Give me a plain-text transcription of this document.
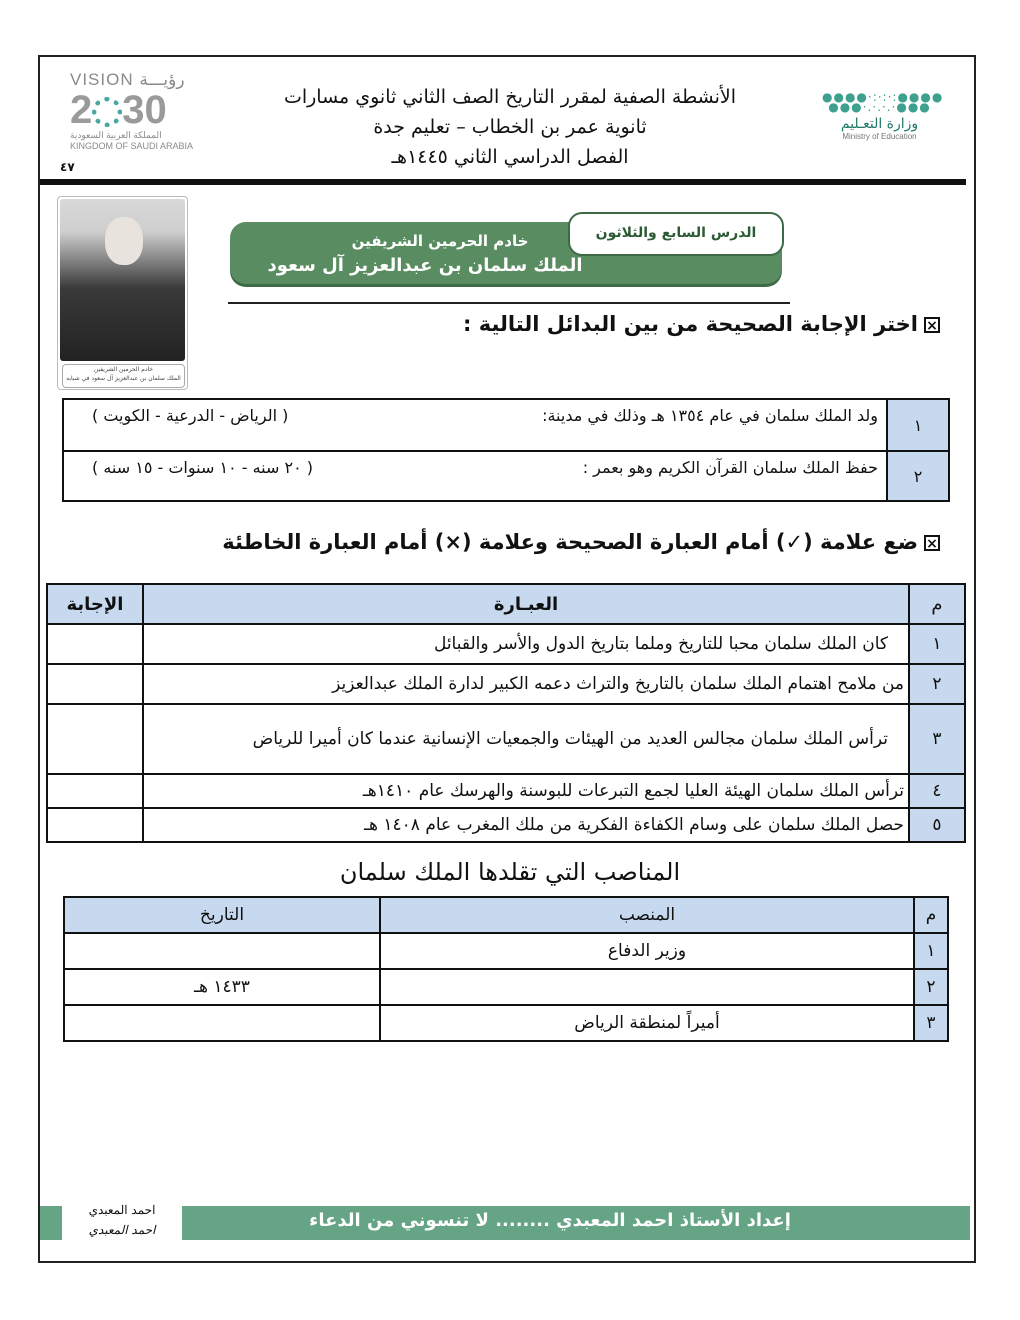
VISION رؤيـــة
2 30
المملكة العربية السعودية
KINGDOM OF SAUDI ARABIA
٤٧
الأنشطة الصفية لمقرر التاريخ الصف الثاني ثانوي مسارات
ثانوية عمر بن الخطاب – تعليم جدة
الفصل الدراسي الثاني ١٤٤٥هـ
●●●●·:·:·:●●●●
●●●·.·.·.·●●●
وزارة التعـليم
Ministry of Education
خادم الحرمين الشريفين
الملك سلمان بن عبدالعزيز آل سعود في شبابه
خادم الحرمين الشريفين
الملك سلمان بن عبدالعزيز آل سعود
الدرس السابع والثلاثون
×اختر الإجابة الصحيحة من بين البدائل التالية :
١	ولد الملك سلمان في عام ١٣٥٤ هـ وذلك في مدينة:
( الرياض - الدرعية - الكويت )

٢	حفظ الملك سلمان القرآن الكريم وهو بعمر :
( ٢٠ سنه - ١٠ سنوات - ١٥ سنه )
×ضع علامة (✓) أمام العبارة الصحيحة وعلامة (×) أمام العبارة الخاطئة
م	العبـارة	الإجابة
١	كان الملك سلمان محبا للتاريخ وملما بتاريخ الدول والأسر والقبائل	
٢	من ملامح اهتمام الملك سلمان بالتاريخ والتراث دعمه الكبير لدارة الملك عبدالعزيز	
٣	ترأس الملك سلمان مجالس العديد من الهيئات والجمعيات الإنسانية عندما كان أميرا للرياض	
٤	ترأس الملك سلمان الهيئة العليا لجمع التبرعات للبوسنة والهرسك عام ١٤١٠هـ	
٥	حصل الملك سلمان على وسام الكفاءة الفكرية من ملك المغرب عام ١٤٠٨ هـ	
المناصب التي تقلدها الملك سلمان
م	المنصب	التاريخ
١	وزير الدفاع	
٢		١٤٣٣ هـ
٣	أميراً لمنطقة الرياض	
إعداد الأستاذ احمد المعبدي ........ لا تنسوني من الدعاء
احمد المعبدي
احمد المعبدي
